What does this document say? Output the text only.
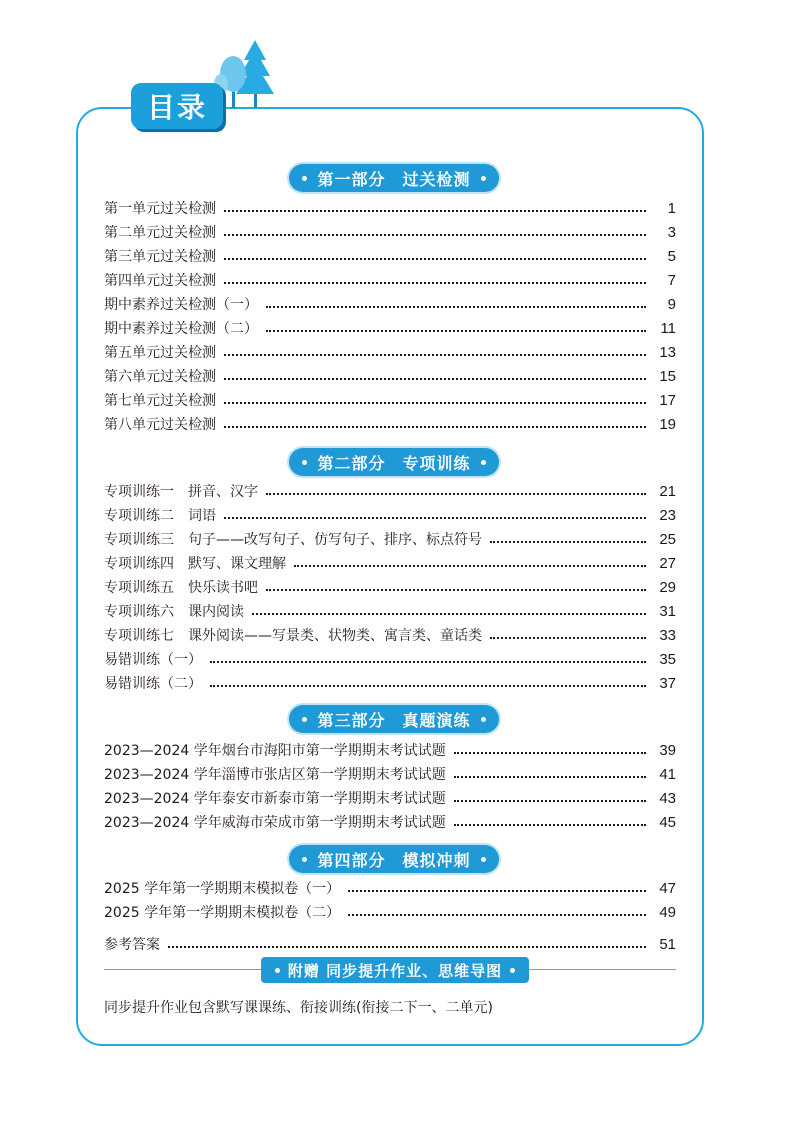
目录
第一部分　过关检测
第一单元过关检测	1
第二单元过关检测	3
第三单元过关检测	5
第四单元过关检测	7
期中素养过关检测（一）	9
期中素养过关检测（二）	11
第五单元过关检测	13
第六单元过关检测	15
第七单元过关检测	17
第八单元过关检测	19
第二部分　专项训练
专项训练一　拼音、汉字	21
专项训练二　词语	23
专项训练三　句子——改写句子、仿写句子、排序、标点符号	25
专项训练四　默写、课文理解	27
专项训练五　快乐读书吧	29
专项训练六　课内阅读	31
专项训练七　课外阅读——写景类、状物类、寓言类、童话类	33
易错训练（一）	35
易错训练（二）	37
第三部分　真题演练
2023—2024 学年烟台市海阳市第一学期期末考试试题	39
2023—2024 学年淄博市张店区第一学期期末考试试题	41
2023—2024 学年泰安市新泰市第一学期期末考试试题	43
2023—2024 学年威海市荣成市第一学期期末考试试题	45
第四部分　模拟冲刺
2025 学年第一学期期末模拟卷（一）	47
2025 学年第一学期期末模拟卷（二）	49
参考答案	51
附赠 同步提升作业、思维导图
同步提升作业包含默写课课练、衔接训练(衔接二下一、二单元)
